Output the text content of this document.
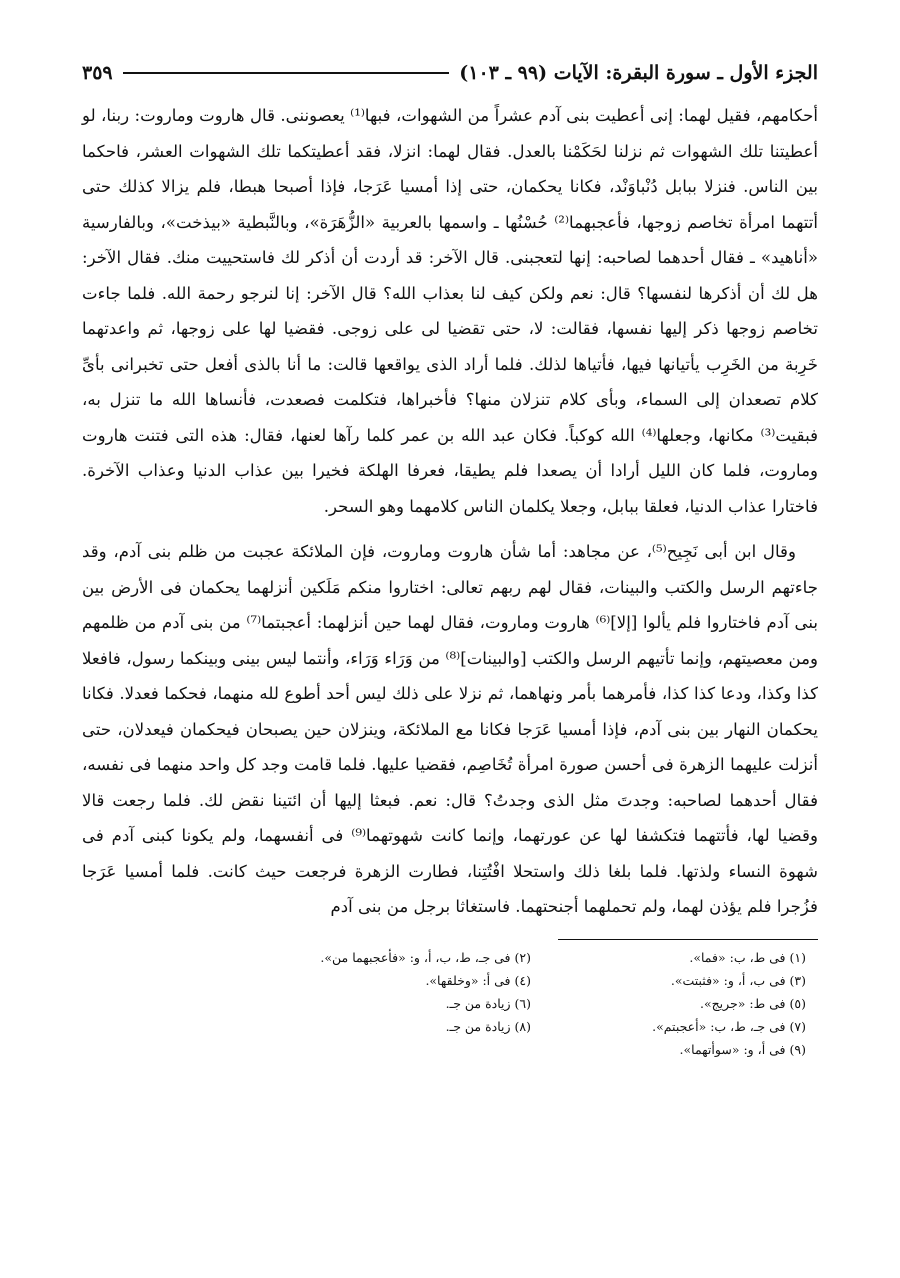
الجزء الأول ـ سورة البقرة: الآيات (٩٩ ـ ١٠٣)
٣٥٩

أحكامهم، فقيل لهما: إنى أعطيت بنى آدم عشراً من الشهوات، فبها⁽¹⁾ يعصوننى. قال هاروت وماروت: ربنا، لو أعطيتنا تلك الشهوات ثم نزلنا لحَكَمْنا بالعدل. فقال لهما: انزلا، فقد أعطيتكما تلك الشهوات العشر، فاحكما بين الناس. فنزلا ببابل دُنْباوَنْد، فكانا يحكمان، حتى إذا أمسيا عَرَجا، فإذا أصبحا هبطا، فلم يزالا كذلك حتى أتتهما امرأة تخاصم زوجها، فأعجبهما⁽²⁾ حُسْنُها ـ واسمها بالعربية «الزُّهَرَة»، وبالنَّبطية «بيذخت»، وبالفارسية «أناهيد» ـ فقال أحدهما لصاحبه: إنها لتعجبنى. قال الآخر: قد أردت أن أذكر لك فاستحييت منك. فقال الآخر: هل لك أن أذكرها لنفسها؟ قال: نعم ولكن كيف لنا بعذاب الله؟ قال الآخر: إنا لنرجو رحمة الله. فلما جاءت تخاصم زوجها ذكر إليها نفسها، فقالت: لا، حتى تقضيا لى على زوجى. فقضيا لها على زوجها، ثم واعدتهما خَرِبة من الخَرِب يأتيانها فيها، فأتياها لذلك. فلما أراد الذى يواقعها قالت: ما أنا بالذى أفعل حتى تخبرانى بأىِّ كلام تصعدان إلى السماء، وبأى كلام تنزلان منها؟ فأخبراها، فتكلمت فصعدت، فأنساها الله ما تنزل به، فبقيت⁽³⁾ مكانها، وجعلها⁽⁴⁾ الله كوكباً. فكان عبد الله بن عمر كلما رآها لعنها، فقال: هذه التى فتنت هاروت وماروت، فلما كان الليل أرادا أن يصعدا فلم يطيقا، فعرفا الهلكة فخيرا بين عذاب الدنيا وعذاب الآخرة. فاختارا عذاب الدنيا، فعلقا ببابل، وجعلا يكلمان الناس كلامهما وهو السحر.

وقال ابن أبى نَجِيح⁽⁵⁾، عن مجاهد: أما شأن هاروت وماروت، فإن الملائكة عجبت من ظلم بنى آدم، وقد جاءتهم الرسل والكتب والبينات، فقال لهم ربهم تعالى: اختاروا منكم مَلَكين أنزلهما يحكمان فى الأرض بين بنى آدم فاختاروا فلم يألوا [إلا]⁽⁶⁾ هاروت وماروت، فقال لهما حين أنزلهما: أعجبتما⁽⁷⁾ من بنى آدم من ظلمهم ومن معصيتهم، وإنما تأتيهم الرسل والكتب [والبينات]⁽⁸⁾ من وَرَاء وَرَاء، وأنتما ليس بينى وبينكما رسول، فافعلا كذا وكذا، ودعا كذا كذا، فأمرهما بأمر ونهاهما، ثم نزلا على ذلك ليس أحد أطوع لله منهما، فحكما فعدلا. فكانا يحكمان النهار بين بنى آدم، فإذا أمسيا عَرَجا فكانا مع الملائكة، وينزلان حين يصبحان فيحكمان فيعدلان، حتى أنزلت عليهما الزهرة فى أحسن صورة امرأة تُخَاصِم، فقضيا عليها. فلما قامت وجد كل واحد منهما فى نفسه، فقال أحدهما لصاحبه: وجدتَ مثل الذى وجدتُ؟ قال: نعم. فبعثا إليها أن ائتينا نقض لك. فلما رجعت قالا وقضيا لها، فأتتهما فتكشفا لها عن عورتهما، وإنما كانت شهوتهما⁽⁹⁾ فى أنفسهما، ولم يكونا كبنى آدم فى شهوة النساء ولذتها. فلما بلغا ذلك واستحلا افْتُتِنا، فطارت الزهرة فرجعت حيث كانت. فلما أمسيا عَرَجا فزُجرا فلم يؤذن لهما، ولم تحملهما أجنحتهما. فاستغاثا برجل من بنى آدم

(١) فى ط، ب: «فما».
(٢) فى جـ، ط، ب، أ، و: «فأعجبهما من».
(٣) فى ب، أ، و: «فثبتت».
(٤) فى أ: «وخلقها».
(٥) فى ط: «جريج».
(٦) زيادة من جـ.
(٧) فى جـ، ط، ب: «أعجبتم».
(٨) زيادة من جـ.
(٩) فى أ، و: «سوأتهما».
